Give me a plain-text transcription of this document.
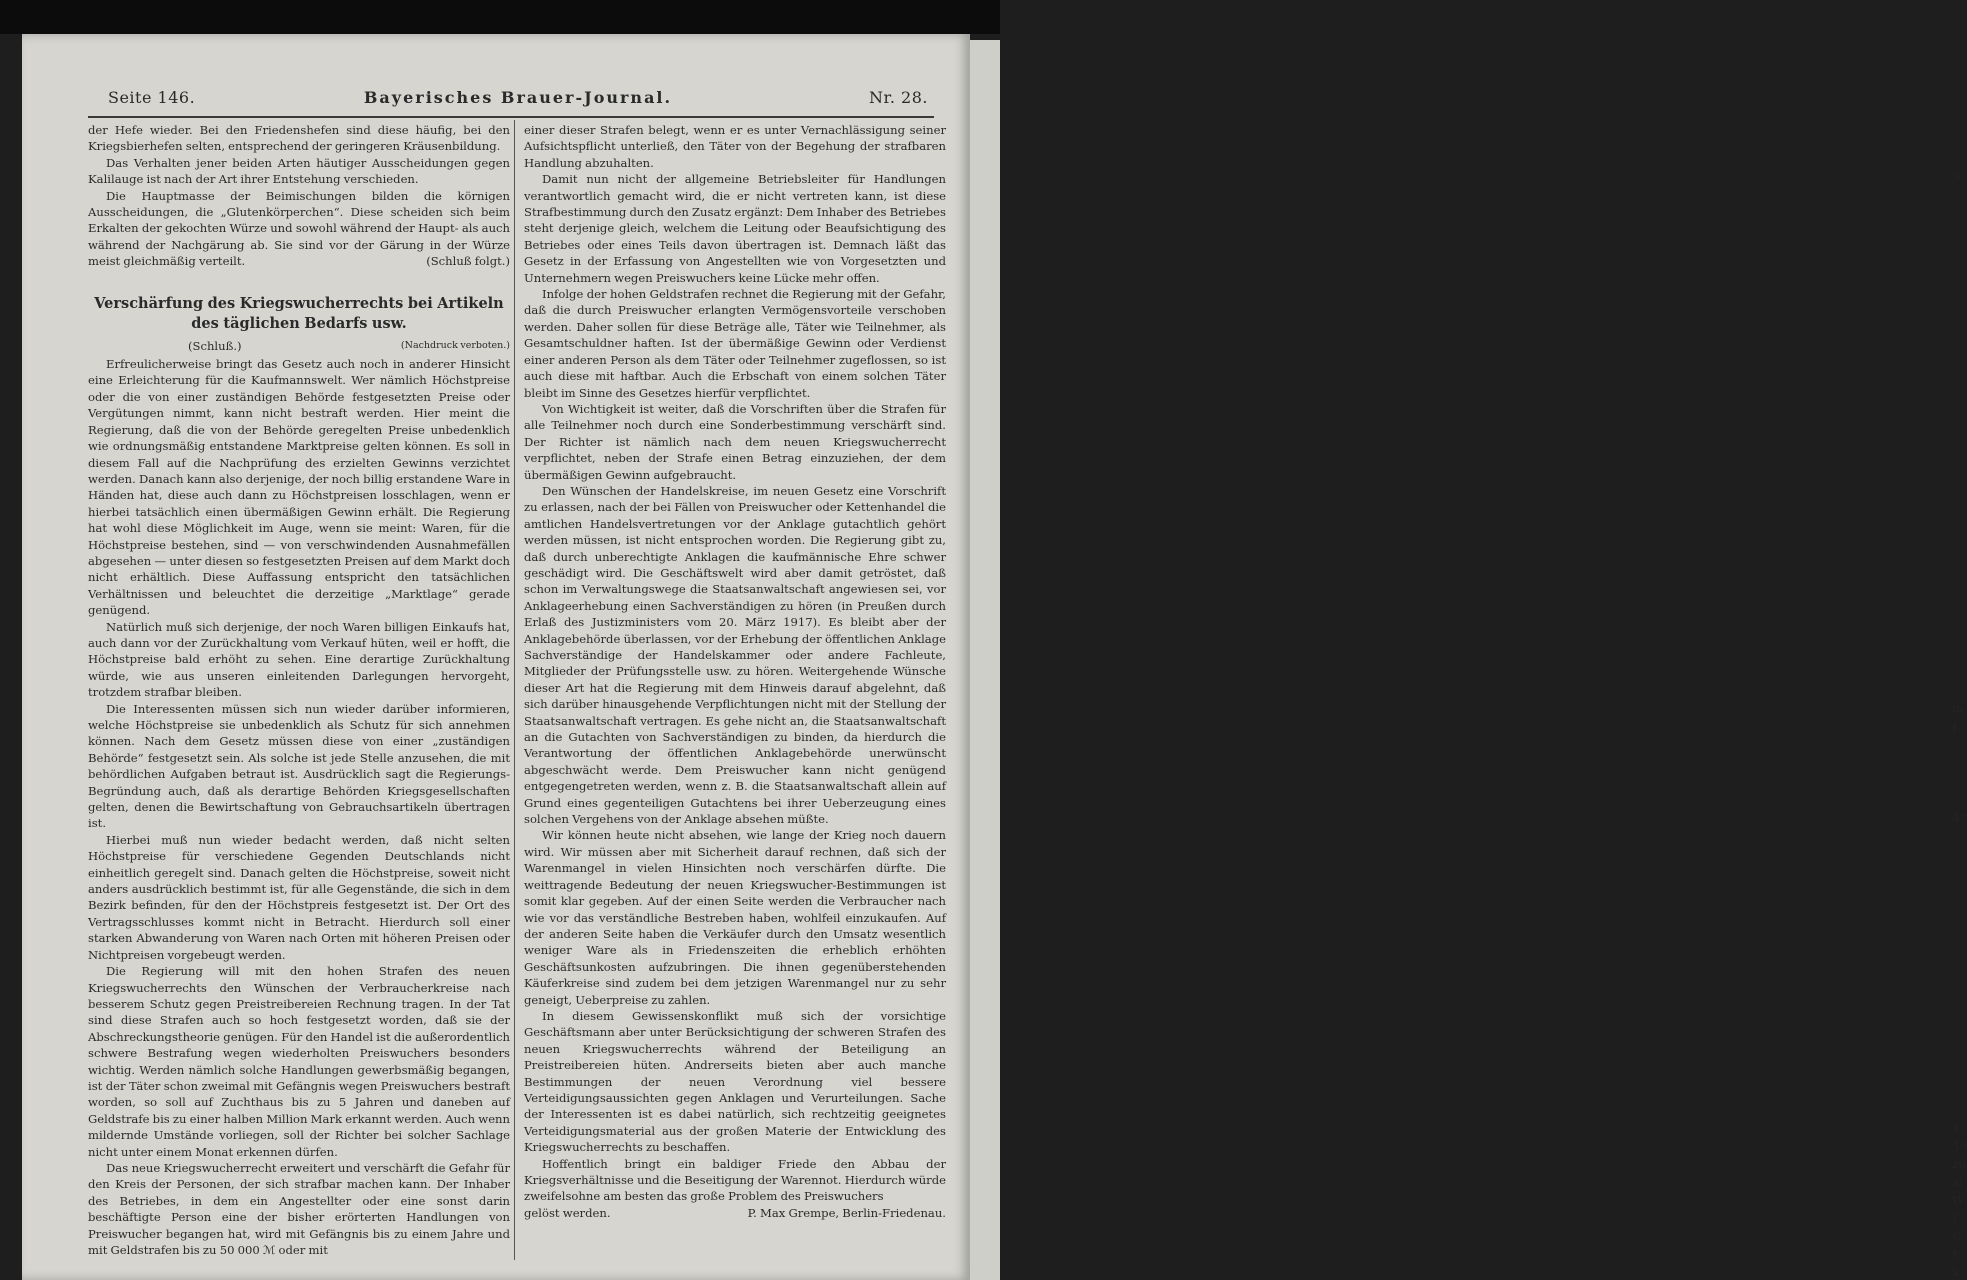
S
m
L
47
1
50
zu
al
W
I
G
E
k
Bayerisches Brauer-Journal.
Seite 146.	Nr. 28.

der Hefe wieder. Bei den Friedenshefen sind diese häufig, bei den Kriegsbierhefen selten, entsprechend der geringeren Kräusenbildung.

Das Verhalten jener beiden Arten häutiger Ausscheidungen gegen Kalilauge ist nach der Art ihrer Entstehung verschieden.

Die Hauptmasse der Beimischungen bilden die körnigen Ausscheidungen, die „Glutenkörperchen“. Diese scheiden sich beim Erkalten der gekochten Würze und sowohl während der Haupt- als auch während der Nachgärung ab. Sie sind vor der Gärung in der Würze meist gleichmäßig verteilt.	(Schluß folgt.)

Verschärfung des Kriegswucherrechts bei Artikeln des täglichen Bedarfs usw.
(Schluß.)	(Nachdruck verboten.)

Erfreulicherweise bringt das Gesetz auch noch in anderer Hinsicht eine Erleichterung für die Kaufmannswelt. Wer nämlich Höchstpreise oder die von einer zuständigen Behörde festgesetzten Preise oder Vergütungen nimmt, kann nicht bestraft werden. Hier meint die Regierung, daß die von der Behörde geregelten Preise unbedenklich wie ordnungsmäßig entstandene Marktpreise gelten können. Es soll in diesem Fall auf die Nachprüfung des erzielten Gewinns verzichtet werden. Danach kann also derjenige, der noch billig erstandene Ware in Händen hat, diese auch dann zu Höchstpreisen losschlagen, wenn er hierbei tatsächlich einen übermäßigen Gewinn erhält. Die Regierung hat wohl diese Möglichkeit im Auge, wenn sie meint: Waren, für die Höchstpreise bestehen, sind — von verschwindenden Ausnahmefällen abgesehen — unter diesen so festgesetzten Preisen auf dem Markt doch nicht erhältlich. Diese Auffassung entspricht den tatsächlichen Verhältnissen und beleuchtet die derzeitige „Marktlage“ gerade genügend.

Natürlich muß sich derjenige, der noch Waren billigen Einkaufs hat, auch dann vor der Zurückhaltung vom Verkauf hüten, weil er hofft, die Höchstpreise bald erhöht zu sehen. Eine derartige Zurückhaltung würde, wie aus unseren einleitenden Darlegungen hervorgeht, trotzdem strafbar bleiben.

Die Interessenten müssen sich nun wieder darüber informieren, welche Höchstpreise sie unbedenklich als Schutz für sich annehmen können. Nach dem Gesetz müssen diese von einer „zuständigen Behörde“ festgesetzt sein. Als solche ist jede Stelle anzusehen, die mit behördlichen Aufgaben betraut ist. Ausdrücklich sagt die Regierungs-Begründung auch, daß als derartige Behörden Kriegsgesellschaften gelten, denen die Bewirtschaftung von Gebrauchsartikeln übertragen ist.

Hierbei muß nun wieder bedacht werden, daß nicht selten Höchstpreise für verschiedene Gegenden Deutschlands nicht einheitlich geregelt sind. Danach gelten die Höchstpreise, soweit nicht anders ausdrücklich bestimmt ist, für alle Gegenstände, die sich in dem Bezirk befinden, für den der Höchstpreis festgesetzt ist. Der Ort des Vertragsschlusses kommt nicht in Betracht. Hierdurch soll einer starken Abwanderung von Waren nach Orten mit höheren Preisen oder Nichtpreisen vorgebeugt werden.

Die Regierung will mit den hohen Strafen des neuen Kriegswucherrechts den Wünschen der Verbraucherkreise nach besserem Schutz gegen Preistreibereien Rechnung tragen. In der Tat sind diese Strafen auch so hoch festgesetzt worden, daß sie der Abschreckungstheorie genügen. Für den Handel ist die außerordentlich schwere Bestrafung wegen wiederholten Preiswuchers besonders wichtig. Werden nämlich solche Handlungen gewerbsmäßig begangen, ist der Täter schon zweimal mit Gefängnis wegen Preiswuchers bestraft worden, so soll auf Zuchthaus bis zu 5 Jahren und daneben auf Geldstrafe bis zu einer halben Million Mark erkannt werden. Auch wenn mildernde Umstände vorliegen, soll der Richter bei solcher Sachlage nicht unter einem Monat erkennen dürfen.

Das neue Kriegswucherrecht erweitert und verschärft die Gefahr für den Kreis der Personen, der sich strafbar machen kann. Der Inhaber des Betriebes, in dem ein Angestellter oder eine sonst darin beschäftigte Person eine der bisher erörterten Handlungen von Preiswucher begangen hat, wird mit Gefängnis bis zu einem Jahre und mit Geldstrafen bis zu 50 000 ℳ oder mit

einer dieser Strafen belegt, wenn er es unter Vernachlässigung seiner Aufsichtspflicht unterließ, den Täter von der Begehung der strafbaren Handlung abzuhalten.

Damit nun nicht der allgemeine Betriebsleiter für Handlungen verantwortlich gemacht wird, die er nicht vertreten kann, ist diese Strafbestimmung durch den Zusatz ergänzt: Dem Inhaber des Betriebes steht derjenige gleich, welchem die Leitung oder Beaufsichtigung des Betriebes oder eines Teils davon übertragen ist. Demnach läßt das Gesetz in der Erfassung von Angestellten wie von Vorgesetzten und Unternehmern wegen Preiswuchers keine Lücke mehr offen.

Infolge der hohen Geldstrafen rechnet die Regierung mit der Gefahr, daß die durch Preiswucher erlangten Vermögensvorteile verschoben werden. Daher sollen für diese Beträge alle, Täter wie Teilnehmer, als Gesamtschuldner haften. Ist der übermäßige Gewinn oder Verdienst einer anderen Person als dem Täter oder Teilnehmer zugeflossen, so ist auch diese mit haftbar. Auch die Erbschaft von einem solchen Täter bleibt im Sinne des Gesetzes hierfür verpflichtet.

Von Wichtigkeit ist weiter, daß die Vorschriften über die Strafen für alle Teilnehmer noch durch eine Sonderbestimmung verschärft sind. Der Richter ist nämlich nach dem neuen Kriegswucherrecht verpflichtet, neben der Strafe einen Betrag einzuziehen, der dem übermäßigen Gewinn aufgebraucht.

Den Wünschen der Handelskreise, im neuen Gesetz eine Vorschrift zu erlassen, nach der bei Fällen von Preiswucher oder Kettenhandel die amtlichen Handelsvertretungen vor der Anklage gutachtlich gehört werden müssen, ist nicht entsprochen worden. Die Regierung gibt zu, daß durch unberechtigte Anklagen die kaufmännische Ehre schwer geschädigt wird. Die Geschäftswelt wird aber damit getröstet, daß schon im Verwaltungswege die Staatsanwaltschaft angewiesen sei, vor Anklageerhebung einen Sachverständigen zu hören (in Preußen durch Erlaß des Justizministers vom 20. März 1917). Es bleibt aber der Anklagebehörde überlassen, vor der Erhebung der öffentlichen Anklage Sachverständige der Handelskammer oder andere Fachleute, Mitglieder der Prüfungsstelle usw. zu hören. Weitergehende Wünsche dieser Art hat die Regierung mit dem Hinweis darauf abgelehnt, daß sich darüber hinausgehende Verpflichtungen nicht mit der Stellung der Staatsanwaltschaft vertragen. Es gehe nicht an, die Staatsanwaltschaft an die Gutachten von Sachverständigen zu binden, da hierdurch die Verantwortung der öffentlichen Anklagebehörde unerwünscht abgeschwächt werde. Dem Preiswucher kann nicht genügend entgegengetreten werden, wenn z. B. die Staatsanwaltschaft allein auf Grund eines gegenteiligen Gutachtens bei ihrer Ueberzeugung eines solchen Vergehens von der Anklage absehen müßte.

Wir können heute nicht absehen, wie lange der Krieg noch dauern wird. Wir müssen aber mit Sicherheit darauf rechnen, daß sich der Warenmangel in vielen Hinsichten noch verschärfen dürfte. Die weittragende Bedeutung der neuen Kriegswucher-Bestimmungen ist somit klar gegeben. Auf der einen Seite werden die Verbraucher nach wie vor das verständliche Bestreben haben, wohlfeil einzukaufen. Auf der anderen Seite haben die Verkäufer durch den Umsatz wesentlich weniger Ware als in Friedenszeiten die erheblich erhöhten Geschäftsunkosten aufzubringen. Die ihnen gegenüberstehenden Käuferkreise sind zudem bei dem jetzigen Warenmangel nur zu sehr geneigt, Ueberpreise zu zahlen.

In diesem Gewissenskonflikt muß sich der vorsichtige Geschäftsmann aber unter Berücksichtigung der schweren Strafen des neuen Kriegswucherrechts während der Beteiligung an Preistreibereien hüten. Andrerseits bieten aber auch manche Bestimmungen der neuen Verordnung viel bessere Verteidigungsaussichten gegen Anklagen und Verurteilungen. Sache der Interessenten ist es dabei natürlich, sich rechtzeitig geeignetes Verteidigungsmaterial aus der großen Materie der Entwicklung des Kriegswucherrechts zu beschaffen.

Hoffentlich bringt ein baldiger Friede den Abbau der Kriegsverhältnisse und die Beseitigung der Warennot. Hierdurch würde zweifelsohne am besten das große Problem des Preiswuchers

gelöst werden.	P. Max Grempe, Berlin-Friedenau.
